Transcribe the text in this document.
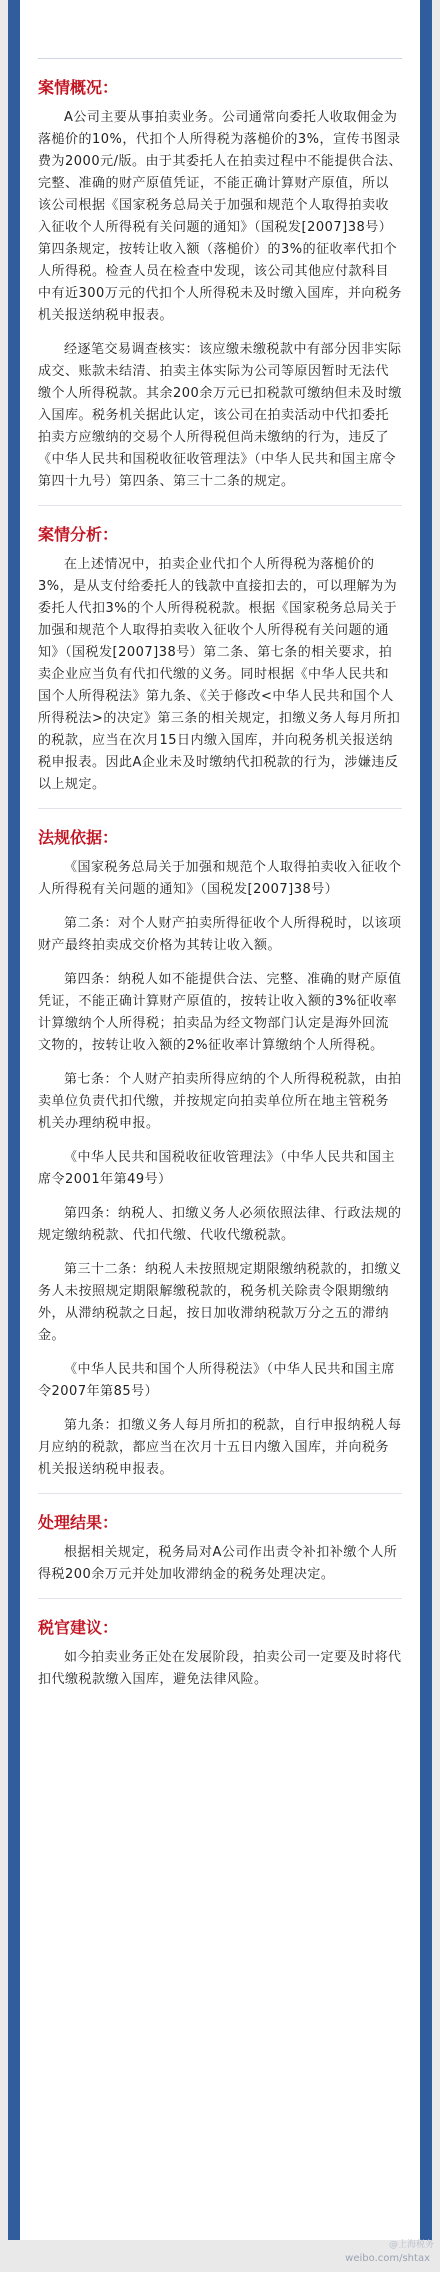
案情概况：

A公司主要从事拍卖业务。公司通常向委托人收取佣金为落槌价的10%，代扣个人所得税为落槌价的3%，宣传书图录费为2000元/版。由于其委托人在拍卖过程中不能提供合法、完整、准确的财产原值凭证，不能正确计算财产原值，所以该公司根据《国家税务总局关于加强和规范个人取得拍卖收入征收个人所得税有关问题的通知》（国税发[2007]38号）第四条规定，按转让收入额（落槌价）的3%的征收率代扣个人所得税。检查人员在检查中发现，该公司其他应付款科目中有近300万元的代扣个人所得税未及时缴入国库，并向税务机关报送纳税申报表。

经逐笔交易调查核实：该应缴未缴税款中有部分因非实际成交、账款未结清、拍卖主体实际为公司等原因暂时无法代缴个人所得税款。其余200余万元已扣税款可缴纳但未及时缴入国库。税务机关据此认定，该公司在拍卖活动中代扣委托拍卖方应缴纳的交易个人所得税但尚未缴纳的行为，违反了《中华人民共和国税收征收管理法》（中华人民共和国主席令第四十九号）第四条、第三十二条的规定。

案情分析：

在上述情况中，拍卖企业代扣个人所得税为落槌价的3%，是从支付给委托人的钱款中直接扣去的，可以理解为为委托人代扣3%的个人所得税税款。根据《国家税务总局关于加强和规范个人取得拍卖收入征收个人所得税有关问题的通知》（国税发[2007]38号）第二条、第七条的相关要求，拍卖企业应当负有代扣代缴的义务。同时根据《中华人民共和国个人所得税法》第九条、《关于修改<中华人民共和国个人所得税法>的决定》第三条的相关规定，扣缴义务人每月所扣的税款，应当在次月15日内缴入国库，并向税务机关报送纳税申报表。因此A企业未及时缴纳代扣税款的行为，涉嫌违反以上规定。

法规依据：

《国家税务总局关于加强和规范个人取得拍卖收入征收个人所得税有关问题的通知》（国税发[2007]38号）

第二条：对个人财产拍卖所得征收个人所得税时，以该项财产最终拍卖成交价格为其转让收入额。

第四条：纳税人如不能提供合法、完整、准确的财产原值凭证，不能正确计算财产原值的，按转让收入额的3%征收率计算缴纳个人所得税；拍卖品为经文物部门认定是海外回流文物的，按转让收入额的2%征收率计算缴纳个人所得税。

第七条：个人财产拍卖所得应纳的个人所得税税款，由拍卖单位负责代扣代缴，并按规定向拍卖单位所在地主管税务机关办理纳税申报。

《中华人民共和国税收征收管理法》（中华人民共和国主席令2001年第49号）

第四条：纳税人、扣缴义务人必须依照法律、行政法规的规定缴纳税款、代扣代缴、代收代缴税款。

第三十二条：纳税人未按照规定期限缴纳税款的，扣缴义务人未按照规定期限解缴税款的，税务机关除责令限期缴纳外，从滞纳税款之日起，按日加收滞纳税款万分之五的滞纳金。

《中华人民共和国个人所得税法》（中华人民共和国主席令2007年第85号）

第九条：扣缴义务人每月所扣的税款，自行申报纳税人每月应纳的税款，都应当在次月十五日内缴入国库，并向税务机关报送纳税申报表。

处理结果：

根据相关规定，税务局对A公司作出责令补扣补缴个人所得税200余万元并处加收滞纳金的税务处理决定。

税官建议：

如今拍卖业务正处在发展阶段，拍卖公司一定要及时将代扣代缴税款缴入国库，避免法律风险。

@上海税务
weibo.com/shtax
